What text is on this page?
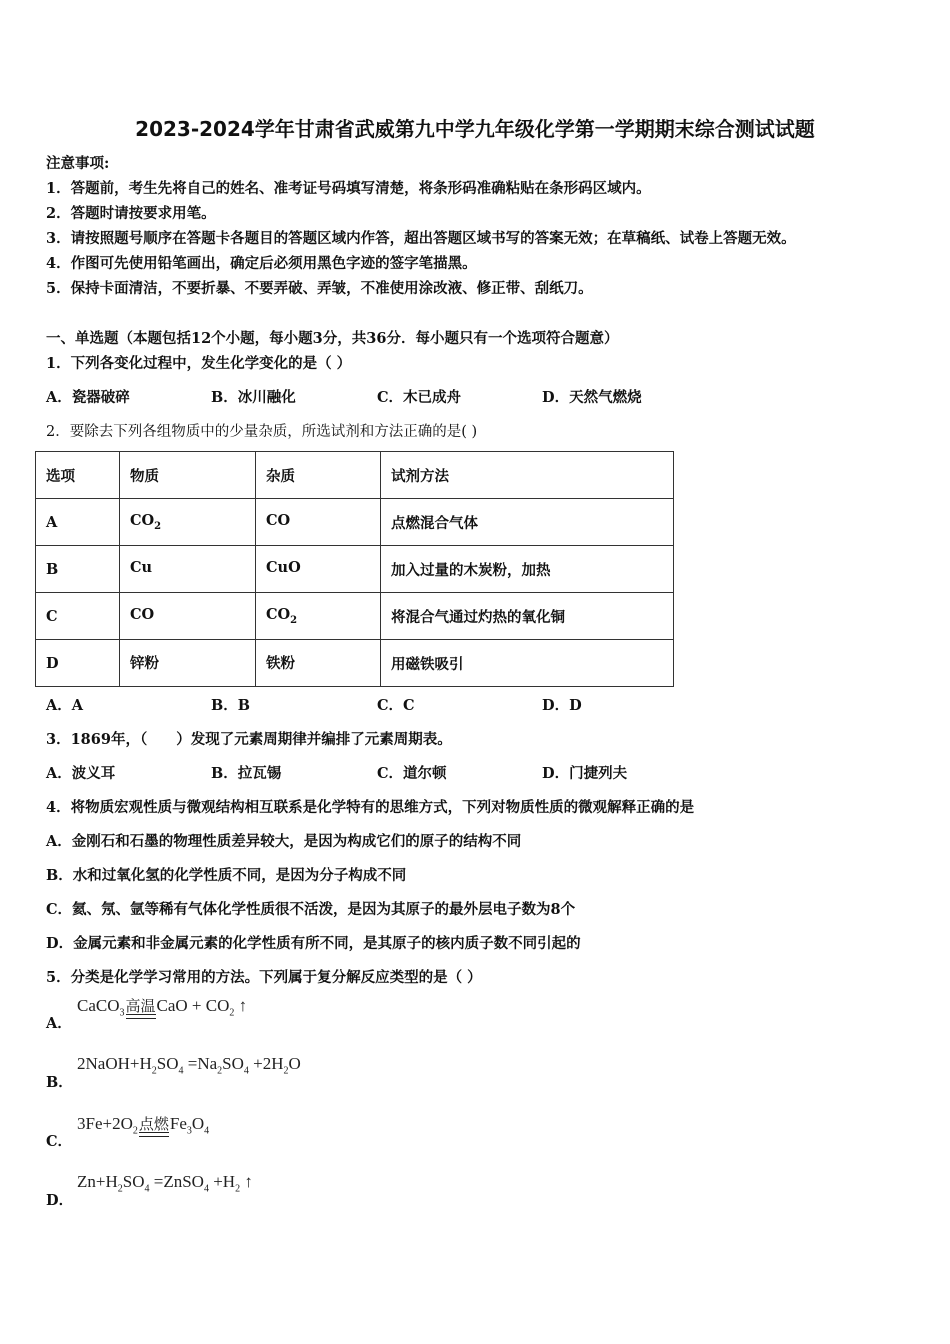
2023-2024学年甘肃省武威第九中学九年级化学第一学期期末综合测试试题
注意事项:
1．答题前，考生先将自己的姓名、准考证号码填写清楚，将条形码准确粘贴在条形码区域内。
2．答题时请按要求用笔。
3．请按照题号顺序在答题卡各题目的答题区域内作答，超出答题区域书写的答案无效；在草稿纸、试卷上答题无效。
4．作图可先使用铅笔画出，确定后必须用黑色字迹的签字笔描黑。
5．保持卡面清洁，不要折暴、不要弄破、弄皱，不准使用涂改液、修正带、刮纸刀。
一、单选题（本题包括12个小题，每小题3分，共36分．每小题只有一个选项符合题意）
1．下列各变化过程中，发生化学变化的是（ ）
A．瓷器破碎	B．冰川融化	C．木已成舟	D．天然气燃烧
2．要除去下列各组物质中的少量杂质，所选试剂和方法正确的是( )
选项	物质	杂质	试剂方法
A	$CO_2$	CO	点燃混合气体
B	Cu	CuO	加入过量的木炭粉，加热
C	CO	$CO_2$	将混合气通过灼热的氧化铜
D	锌粉	铁粉	用磁铁吸引
A．A	B．B	C．C	D．D
3．1869年，（　　）发现了元素周期律并编排了元素周期表。
A．波义耳	B．拉瓦锡	C．道尔顿	D．门捷列夫
4．将物质宏观性质与微观结构相互联系是化学特有的思维方式，下列对物质性质的微观解释正确的是
A．金刚石和石墨的物理性质差异较大，是因为构成它们的原子的结构不同
B．水和过氧化氢的化学性质不同，是因为分子构成不同
C．氦、氖、氩等稀有气体化学性质很不活泼，是因为其原子的最外层电子数为8个
D．金属元素和非金属元素的化学性质有所不同，是其原子的核内质子数不同引起的
5．分类是化学学习常用的方法。下列属于复分解反应类型的是（ ）
A．
CaCO$_3$高温CaO + $CO_2$ ↑
B．
$2NaOH+H_2SO_4 =Na_2SO_4 +2H_2O$
C．
$3Fe+2O_2$点燃$Fe_3O_4$
D．
$Zn+H_2SO_4$ =ZnSO$_4$ $+H_2$ ↑
